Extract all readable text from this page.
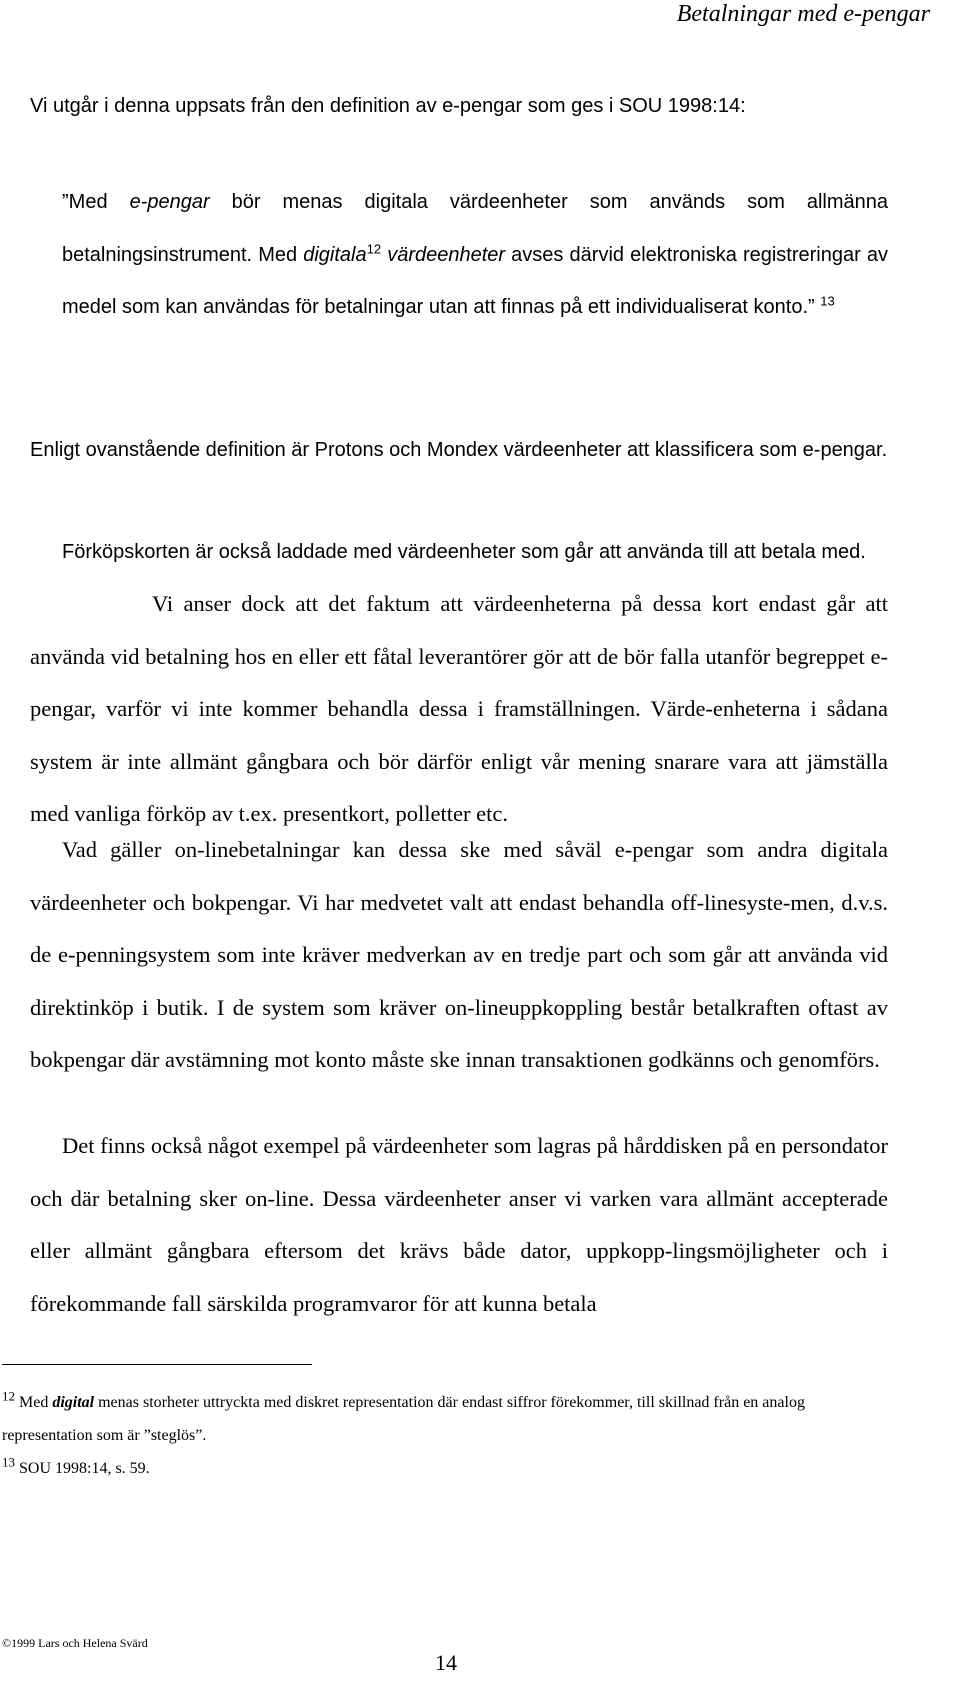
Betalningar med e-pengar
Vi utgår i denna uppsats från den definition av e-pengar som ges i SOU 1998:14:
”Med e-pengar bör menas digitala värdeenheter som används som allmänna betalningsinstrument. Med digitala$^{12}$ värdeenheter avses därvid elektroniska registreringar av medel som kan användas för betalningar utan att finnas på ett individualiserat konto.” $^{13}$
Enligt ovanstående definition är Protons och Mondex värdeenheter att klassificera som e-pengar.
Förköpskorten är också laddade med värdeenheter som går att använda till att betala med.
Vi anser dock att det faktum att värdeenheterna på dessa kort endast går att använda vid betalning hos en eller ett fåtal leverantörer gör att de bör falla utanför begreppet e-pengar, varför vi inte kommer behandla dessa i framställningen. Värde-enheterna i sådana system är inte allmänt gångbara och bör därför enligt vår mening snarare vara att jämställa med vanliga förköp av t.ex. presentkort, polletter etc.
Vad gäller on-linebetalningar kan dessa ske med såväl e-pengar som andra digitala värdeenheter och bokpengar. Vi har medvetet valt att endast behandla off-linesyste-men, d.v.s. de e-penningsystem som inte kräver medverkan av en tredje part och som går att använda vid direktinköp i butik. I de system som kräver on-lineuppkoppling består betalkraften oftast av bokpengar där avstämning mot konto måste ske innan transaktionen godkänns och genomförs.
Det finns också något exempel på värdeenheter som lagras på hårddisken på en persondator och där betalning sker on-line. Dessa värdeenheter anser vi varken vara allmänt accepterade eller allmänt gångbara eftersom det krävs både dator, uppkopp-lingsmöjligheter och i förekommande fall särskilda programvaror för att kunna betala
$^{12}$ Med digital menas storheter uttryckta med diskret representation där endast siffror förekommer, till skillnad från en analog representation som är ”steglös”.
$^{13}$ SOU 1998:14, s. 59.
©1999 Lars och Helena Svärd
14
